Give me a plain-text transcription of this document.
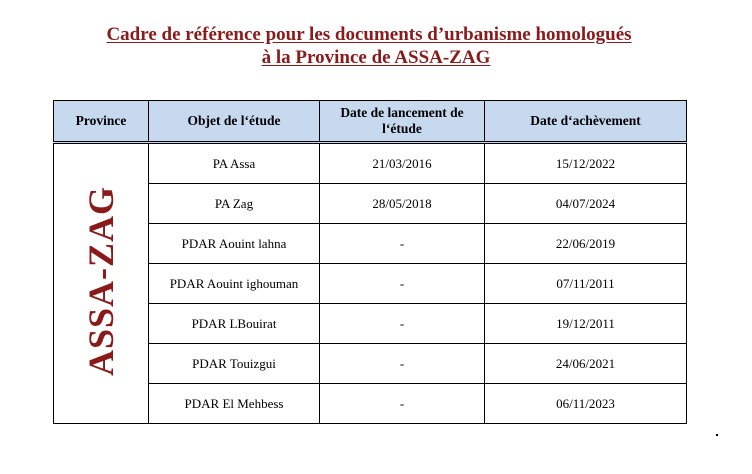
Cadre de référence pour les documents d’urbanisme homologués
à la Province de ASSA-ZAG
Province	Objet de l‘étude	Date de lancement de l‘étude	Date d‘achèvement
ASSA-ZAG	PA Assa	21/03/2016	15/12/2022
	PA Zag	28/05/2018	04/07/2024
	PDAR Aouint lahna	-	22/06/2019
	PDAR Aouint ighouman	-	07/11/2011
	PDAR LBouirat	-	19/12/2011
	PDAR Touizgui	-	24/06/2021
	PDAR El Mehbess	-	06/11/2023
